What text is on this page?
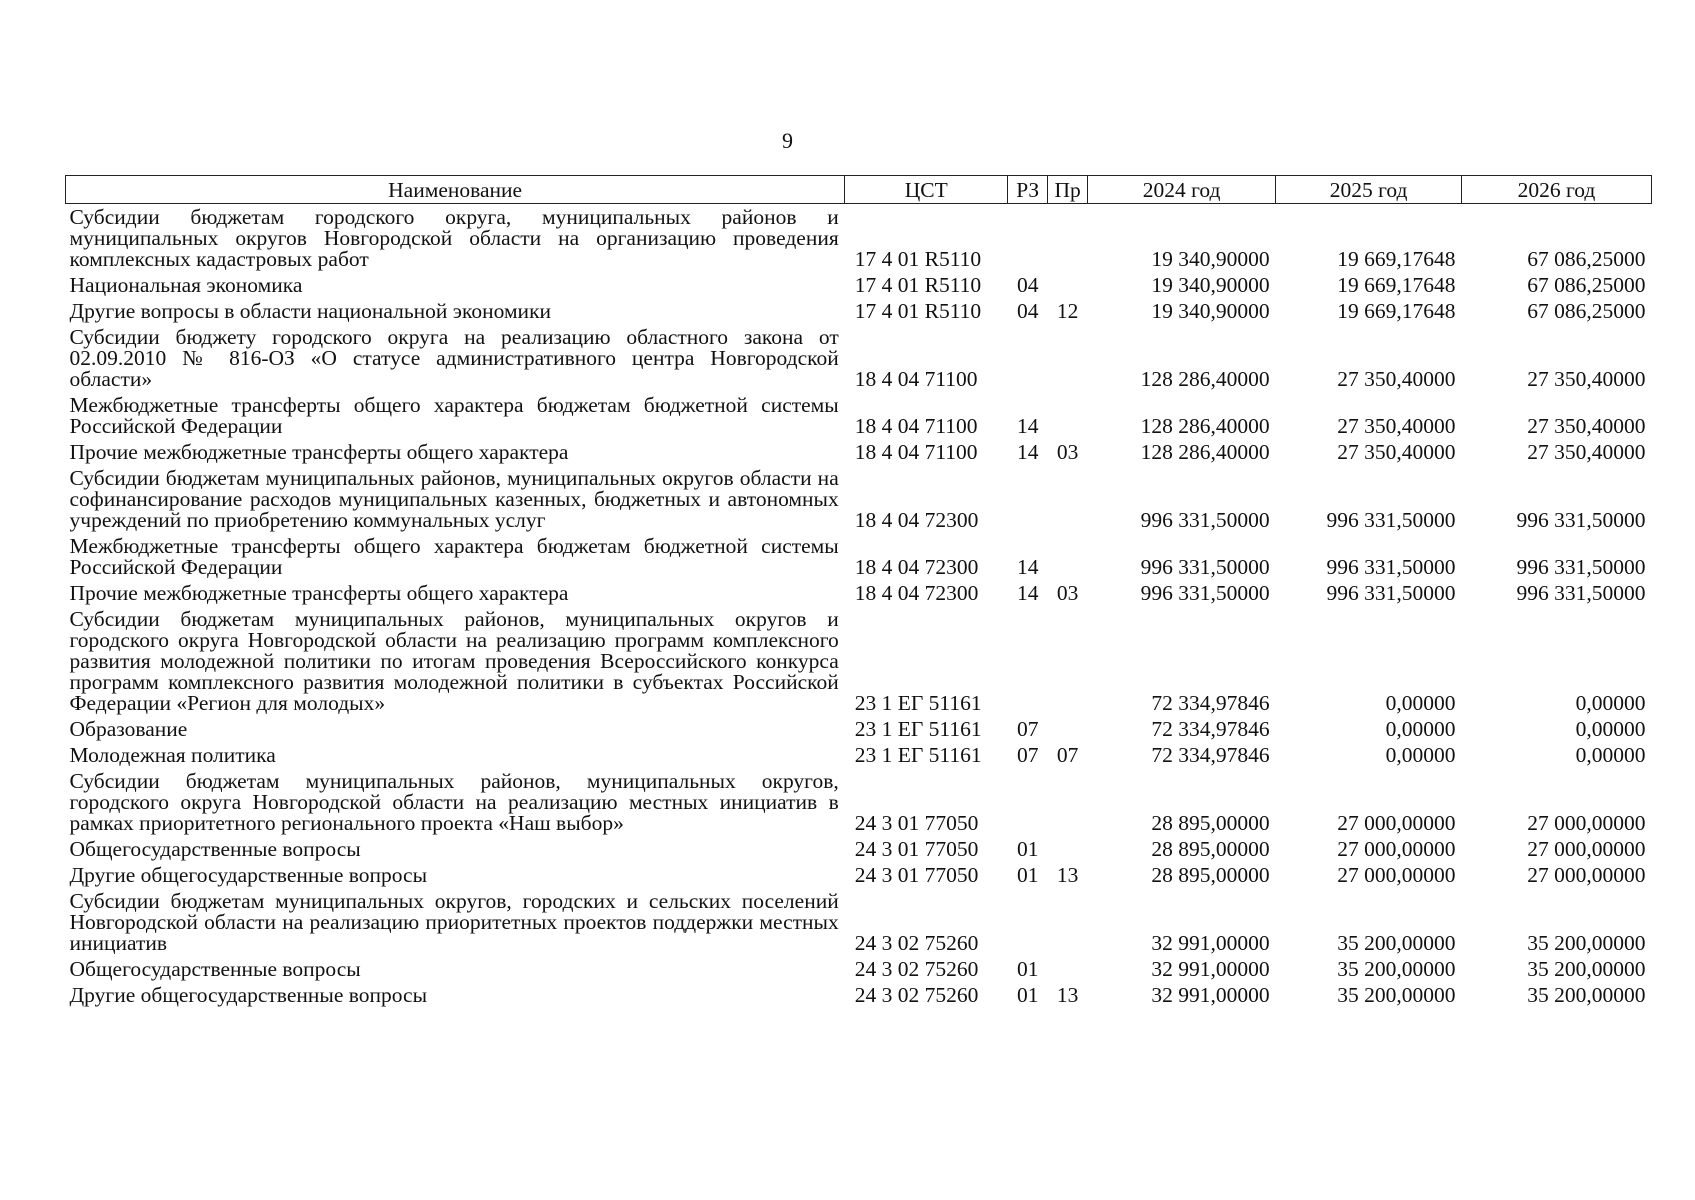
9
Наименование	ЦСТ	РЗ	Пр	2024 год	2025 год	2026 год
Субсидии бюджетам городского округа, муниципальных районов и муниципальных округов Новгородской области на организацию проведения комплексных кадастровых работ	17 4 01 R5110			19 340,90000	19 669,17648	67 086,25000
Национальная экономика	17 4 01 R5110	04		19 340,90000	19 669,17648	67 086,25000
Другие вопросы в области национальной экономики	17 4 01 R5110	04	12	19 340,90000	19 669,17648	67 086,25000
Субсидии бюджету городского округа на реализацию областного закона от 02.09.2010 № 816-ОЗ «О статусе административного центра Новгородской области»	18 4 04 71100			128 286,40000	27 350,40000	27 350,40000
Межбюджетные трансферты общего характера бюджетам бюджетной системы Российской Федерации	18 4 04 71100	14		128 286,40000	27 350,40000	27 350,40000
Прочие межбюджетные трансферты общего характера	18 4 04 71100	14	03	128 286,40000	27 350,40000	27 350,40000
Субсидии бюджетам муниципальных районов, муниципальных округов области на софинансирование расходов муниципальных казенных, бюджетных и автономных учреждений по приобретению коммунальных услуг	18 4 04 72300			996 331,50000	996 331,50000	996 331,50000
Межбюджетные трансферты общего характера бюджетам бюджетной системы Российской Федерации	18 4 04 72300	14		996 331,50000	996 331,50000	996 331,50000
Прочие межбюджетные трансферты общего характера	18 4 04 72300	14	03	996 331,50000	996 331,50000	996 331,50000
Субсидии бюджетам муниципальных районов, муниципальных округов и городского округа Новгородской области на реализацию программ комплексного развития молодежной политики по итогам проведения Всероссийского конкурса программ комплексного развития молодежной политики в субъектах Российской Федерации «Регион для молодых»	23 1 ЕГ 51161			72 334,97846	0,00000	0,00000
Образование	23 1 ЕГ 51161	07		72 334,97846	0,00000	0,00000
Молодежная политика	23 1 ЕГ 51161	07	07	72 334,97846	0,00000	0,00000
Субсидии бюджетам муниципальных районов, муниципальных округов, городского округа Новгородской области на реализацию местных инициатив в рамках приоритетного регионального проекта «Наш выбор»	24 3 01 77050			28 895,00000	27 000,00000	27 000,00000
Общегосударственные вопросы	24 3 01 77050	01		28 895,00000	27 000,00000	27 000,00000
Другие общегосударственные вопросы	24 3 01 77050	01	13	28 895,00000	27 000,00000	27 000,00000
Субсидии бюджетам муниципальных округов, городских и сельских поселений Новгородской области на реализацию приоритетных проектов поддержки местных инициатив	24 3 02 75260			32 991,00000	35 200,00000	35 200,00000
Общегосударственные вопросы	24 3 02 75260	01		32 991,00000	35 200,00000	35 200,00000
Другие общегосударственные вопросы	24 3 02 75260	01	13	32 991,00000	35 200,00000	35 200,00000
